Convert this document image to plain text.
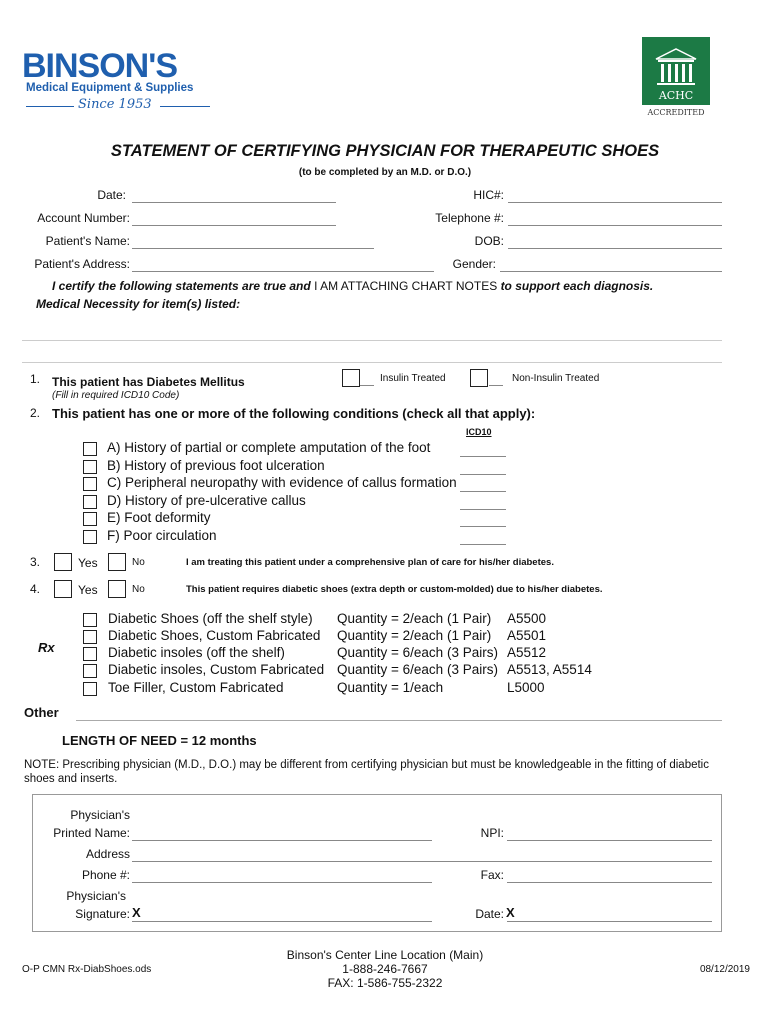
BINSON'S
Medical Equipment & Supplies
Since 1953
ACHC
ACCREDITED
STATEMENT OF CERTIFYING PHYSICIAN FOR THERAPEUTIC SHOES
(to be completed by an M.D. or D.O.)
Date:	HIC#:
Account Number:	Telephone #:
Patient's Name:	DOB:
Patient's Address:	Gender:
I certify the following statements are true and I AM ATTACHING CHART NOTES to support each diagnosis.
Medical Necessity for item(s) listed:
1. This patient has Diabetes Mellitus	Insulin Treated	Non-Insulin Treated
(Fill in required ICD10 Code)
2. This patient has one or more of the following conditions (check all that apply):
ICD10
A) History of partial or complete amputation of the foot
B) History of previous foot ulceration
C) Peripheral neuropathy with evidence of callus formation
D) History of pre-ulcerative callus
E) Foot deformity
F) Poor circulation
3.	Yes	No	I am treating this patient under a comprehensive plan of care for his/her diabetes.
4.	Yes	No	This patient requires diabetic shoes (extra depth or custom-molded) due to his/her diabetes.
Rx
Diabetic Shoes (off the shelf style) Quantity = 2/each (1 Pair) A5500
Diabetic Shoes, Custom Fabricated Quantity = 2/each (1 Pair) A5501
Diabetic insoles (off the shelf)	Quantity = 6/each (3 Pairs) A5512
Diabetic insoles, Custom Fabricated Quantity = 6/each (3 Pairs) A5513, A5514
Toe Filler, Custom Fabricated	Quantity = 1/each	L5000
Other
LENGTH OF NEED = 12 months
NOTE: Prescribing physician (M.D., D.O.) may be different from certifying physician but must be knowledgeable in the fitting of diabetic shoes and inserts.
Physician's
Printed Name:	NPI:
Address
Phone #:	Fax:
Physician's
Signature: X	Date: X
O-P CMN Rx-DiabShoes.ods
Binson's Center Line Location (Main)
1-888-246-7667
FAX: 1-586-755-2322
08/12/2019
